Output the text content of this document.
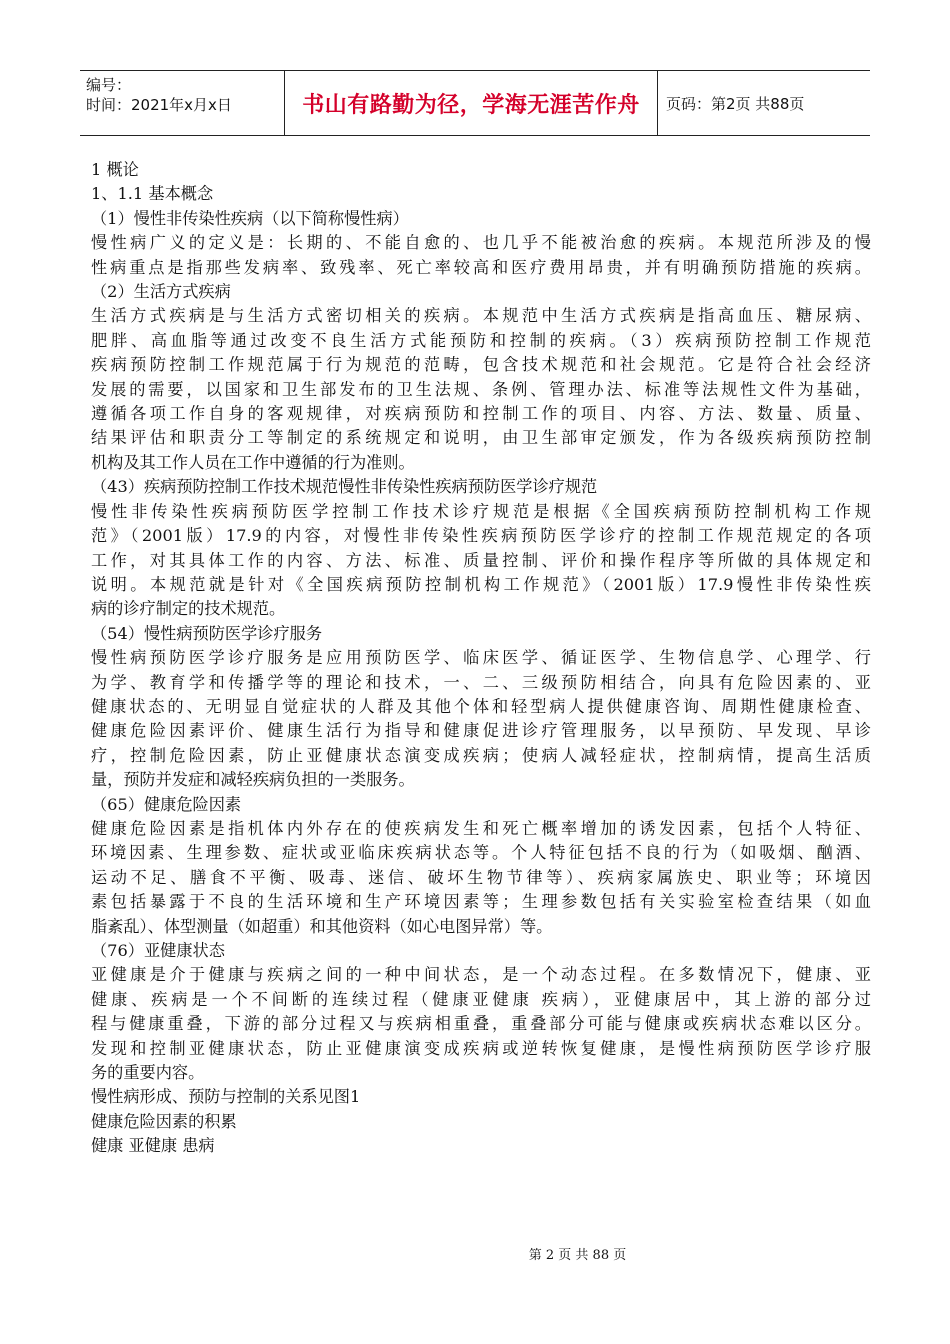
编号：
时间：2021年x月x日	书山有路勤为径，学海无涯苦作舟 页码：第2页 共88页

1 概论

1、1.1 基本概念

（1）慢性非传染性疾病（以下简称慢性病）

慢性病广义的定义是：长期的、不能自愈的、也几乎不能被治愈的疾病。本规范所涉及的慢

性病重点是指那些发病率、致残率、死亡率较高和医疗费用昂贵，并有明确预防措施的疾病。

（2）生活方式疾病

生活方式疾病是与生活方式密切相关的疾病。本规范中生活方式疾病是指高血压、糖尿病、

肥胖、高血脂等通过改变不良生活方式能预防和控制的疾病。（3）疾病预防控制工作规范

疾病预防控制工作规范属于行为规范的范畴，包含技术规范和社会规范。它是符合社会经济

发展的需要，以国家和卫生部发布的卫生法规、条例、管理办法、标准等法规性文件为基础，

遵循各项工作自身的客观规律，对疾病预防和控制工作的项目、内容、方法、数量、质量、

结果评估和职责分工等制定的系统规定和说明，由卫生部审定颁发，作为各级疾病预防控制

机构及其工作人员在工作中遵循的行为准则。

（43）疾病预防控制工作技术规范慢性非传染性疾病预防医学诊疗规范

慢性非传染性疾病预防医学控制工作技术诊疗规范是根据《全国疾病预防控制机构工作规

范》（2001版）17.9的内容，对慢性非传染性疾病预防医学诊疗的控制工作规范规定的各项

工作，对其具体工作的内容、方法、标准、质量控制、评价和操作程序等所做的具体规定和

说明。本规范就是针对《全国疾病预防控制机构工作规范》（2001版）17.9慢性非传染性疾

病的诊疗制定的技术规范。

（54）慢性病预防医学诊疗服务

慢性病预防医学诊疗服务是应用预防医学、临床医学、循证医学、生物信息学、心理学、行

为学、教育学和传播学等的理论和技术，一、二、三级预防相结合，向具有危险因素的、亚

健康状态的、无明显自觉症状的人群及其他个体和轻型病人提供健康咨询、周期性健康检查、

健康危险因素评价、健康生活行为指导和健康促进诊疗管理服务，以早预防、早发现、早诊

疗，控制危险因素，防止亚健康状态演变成疾病；使病人减轻症状，控制病情，提高生活质

量，预防并发症和减轻疾病负担的一类服务。

（65）健康危险因素

健康危险因素是指机体内外存在的使疾病发生和死亡概率增加的诱发因素，包括个人特征、

环境因素、生理参数、症状或亚临床疾病状态等。个人特征包括不良的行为（如吸烟、酗酒、

运动不足、膳食不平衡、吸毒、迷信、破坏生物节律等）、疾病家属族史、职业等；环境因

素包括暴露于不良的生活环境和生产环境因素等；生理参数包括有关实验室检查结果（如血

脂紊乱）、体型测量（如超重）和其他资料（如心电图异常）等。

（76）亚健康状态

亚健康是介于健康与疾病之间的一种中间状态，是一个动态过程。在多数情况下，健康、亚

健康、疾病是一个不间断的连续过程（健康亚健康 疾病），亚健康居中，其上游的部分过

程与健康重叠，下游的部分过程又与疾病相重叠，重叠部分可能与健康或疾病状态难以区分。

发现和控制亚健康状态，防止亚健康演变成疾病或逆转恢复健康，是慢性病预防医学诊疗服

务的重要内容。

慢性病形成、预防与控制的关系见图1

健康危险因素的积累

健康 亚健康 患病

第 2 页 共 88 页
